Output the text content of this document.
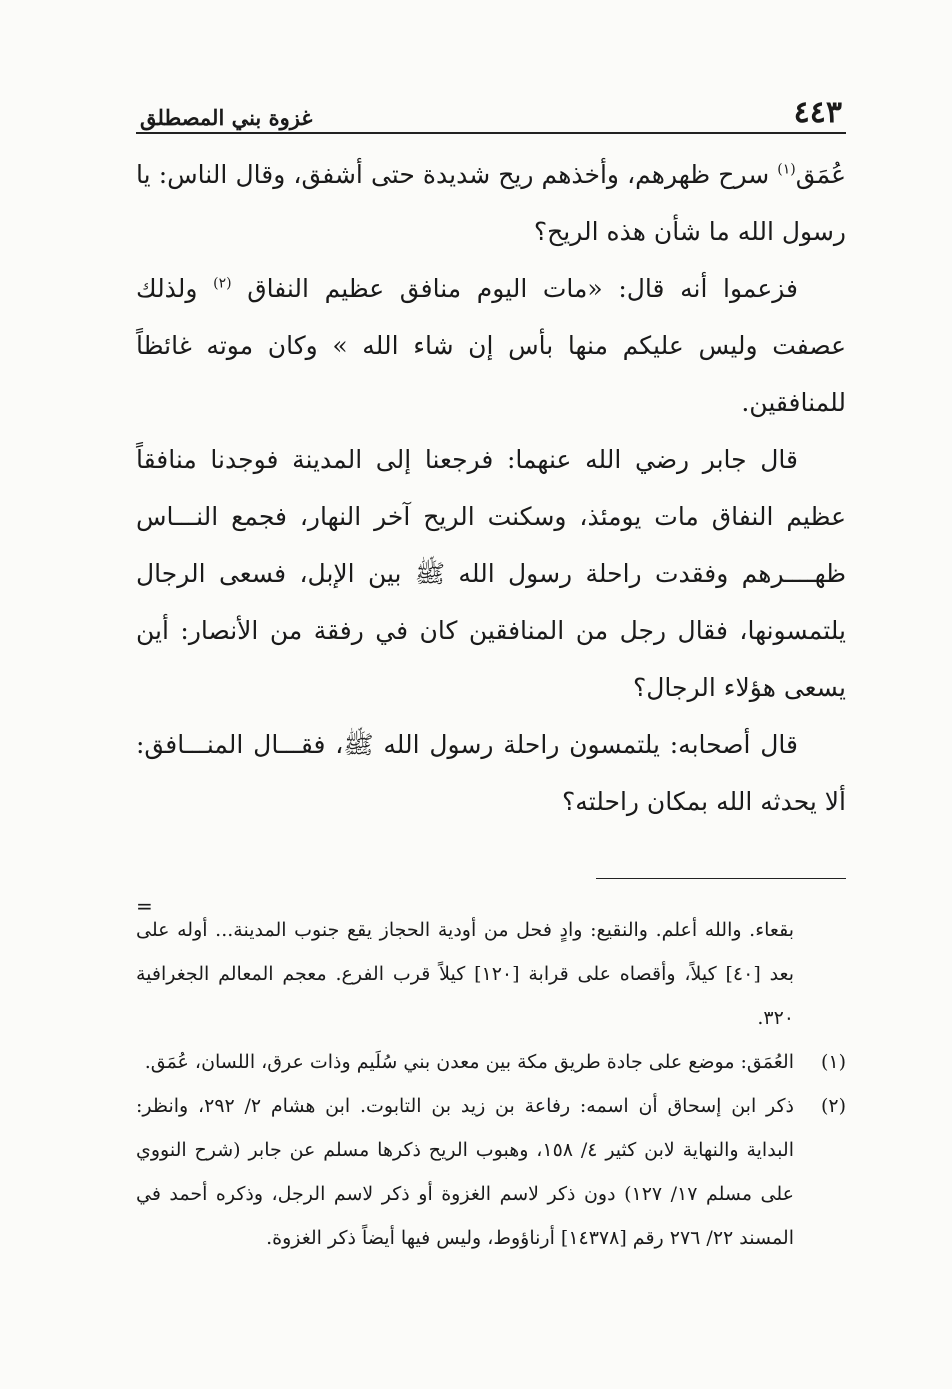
٤٤٣
غزوة بني المصطلق

عُمَق$^{(١)}$ سرح ظهرهم، وأخذهم ريح شديدة حتى أشفق، وقال الناس: يا رسول الله ما شأن هذه الريح؟

فزعموا أنه قال: «مات اليوم منافق عظيم النفاق $^{(٢)}$ ولذلك عصفت وليس عليكم منها بأس إن شاء الله » وكان موته غائظاً للمنافقين.

قال جابر رضي الله عنهما: فرجعنا إلى المدينة فوجدنا منافقاً عظيم النفاق مات يومئذ، وسكنت الريح آخر النهار، فجمع النـــاس ظهــــرهم وفقدت راحلة رسول الله ﷺ بين الإبل، فسعى الرجال يلتمسونها، فقال رجل من المنافقين كان في رفقة من الأنصار: أين يسعى هؤلاء الرجال؟

قال أصحابه: يلتمسون راحلة رسول الله ﷺ، فقـــال المنـــافق: ألا يحدثه الله بمكان راحلته؟

=
بقعاء. والله أعلم. والنقيع: وادٍ فحل من أودية الحجاز يقع جنوب المدينة... أوله على بعد [٤٠] كيلاً، وأقصاه على قرابة [١٢٠] كيلاً قرب الفرع. معجم المعالم الجغرافية ٣٢٠.
(١)
العُمَق: موضع على جادة طريق مكة بين معدن بني سُلَيم وذات عرق، اللسان، عُمَق.
(٢)
ذكر ابن إسحاق أن اسمه: رفاعة بن زيد بن التابوت. ابن هشام ٢/ ٢٩٢، وانظر: البداية والنهاية لابن كثير ٤/ ١٥٨، وهبوب الريح ذكرها مسلم عن جابر (شرح النووي على مسلم ١٧/ ١٢٧) دون ذكر لاسم الغزوة أو ذكر لاسم الرجل، وذكره أحمد في المسند ٢٢/ ٢٧٦ رقم [١٤٣٧٨] أرناؤوط، وليس فيها أيضاً ذكر الغزوة.
